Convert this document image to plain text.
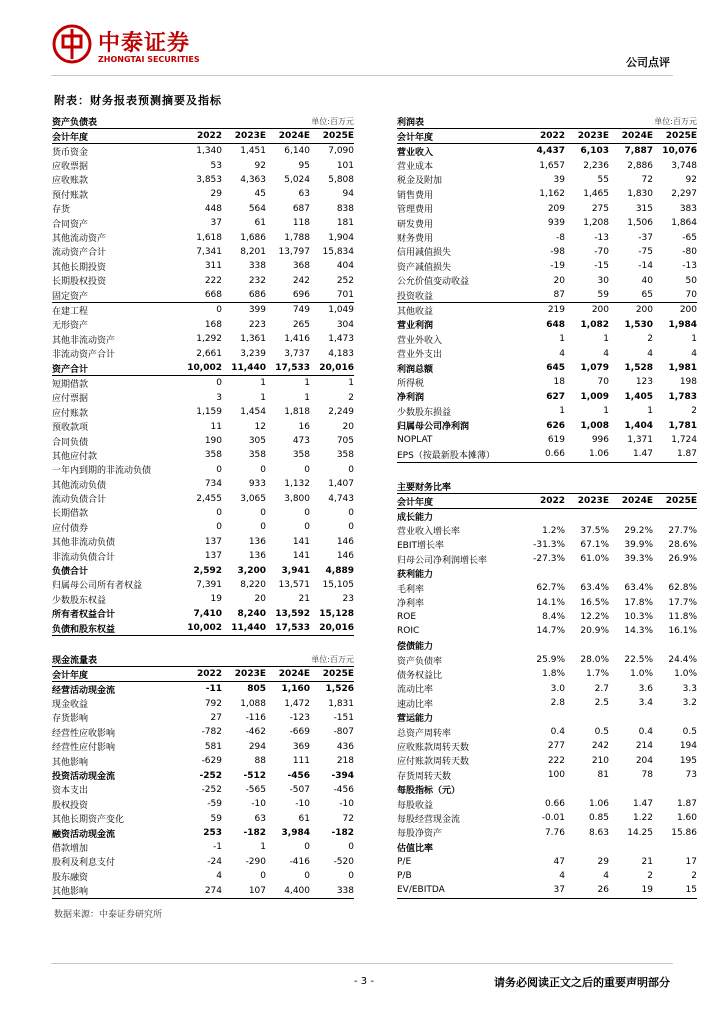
中泰证券
ZHONGTAI SECURITIES	公司点评
附表：财务报表预测摘要及指标
资产负债表	单位:百万元
会计年度	2022	2023E	2024E	2025E
货币资金	1,340	1,451	6,140	7,090
应收票据	53	92	95	101
应收账款	3,853	4,363	5,024	5,808
预付账款	29	45	63	94
存货	448	564	687	838
合同资产	37	61	118	181
其他流动资产	1,618	1,686	1,788	1,904
流动资产合计	7,341	8,201	13,797	15,834
其他长期投资	311	338	368	404
长期股权投资	222	232	242	252
固定资产	668	686	696	701
在建工程	0	399	749	1,049
无形资产	168	223	265	304
其他非流动资产	1,292	1,361	1,416	1,473
非流动资产合计	2,661	3,239	3,737	4,183
资产合计	10,002	11,440	17,533	20,016
短期借款	0	1	1	1
应付票据	3	1	1	2
应付账款	1,159	1,454	1,818	2,249
预收款项	11	12	16	20
合同负债	190	305	473	705
其他应付款	358	358	358	358
一年内到期的非流动负债	0	0	0	0
其他流动负债	734	933	1,132	1,407
流动负债合计	2,455	3,065	3,800	4,743
长期借款	0	0	0	0
应付债券	0	0	0	0
其他非流动负债	137	136	141	146
非流动负债合计	137	136	141	146
负债合计	2,592	3,200	3,941	4,889
归属母公司所有者权益	7,391	8,220	13,571	15,105
少数股东权益	19	20	21	23
所有者权益合计	7,410	8,240	13,592	15,128
负债和股东权益	10,002	11,440	17,533	20,016
利润表	单位:百万元
会计年度	2022	2023E	2024E	2025E
营业收入	4,437	6,103	7,887	10,076
营业成本	1,657	2,236	2,886	3,748
税金及附加	39	55	72	92
销售费用	1,162	1,465	1,830	2,297
管理费用	209	275	315	383
研发费用	939	1,208	1,506	1,864
财务费用	-8	-13	-37	-65
信用减值损失	-98	-70	-75	-80
资产减值损失	-19	-15	-14	-13
公允价值变动收益	20	30	40	50
投资收益	87	59	65	70
其他收益	219	200	200	200
营业利润	648	1,082	1,530	1,984
营业外收入	1	1	2	1
营业外支出	4	4	4	4
利润总额	645	1,079	1,528	1,981
所得税	18	70	123	198
净利润	627	1,009	1,405	1,783
少数股东损益	1	1	1	2
归属母公司净利润	626	1,008	1,404	1,781
NOPLAT	619	996	1,371	1,724
EPS（按最新股本摊薄）	0.66	1.06	1.47	1.87
主要财务比率
会计年度	2022	2023E	2024E	2025E
成长能力
营业收入增长率	1.2%	37.5%	29.2%	27.7%
EBIT增长率	-31.3%	67.1%	39.9%	28.6%
归母公司净利润增长率	-27.3%	61.0%	39.3%	26.9%
获利能力
毛利率	62.7%	63.4%	63.4%	62.8%
净利率	14.1%	16.5%	17.8%	17.7%
ROE	8.4%	12.2%	10.3%	11.8%
ROIC	14.7%	20.9%	14.3%	16.1%
偿债能力
资产负债率	25.9%	28.0%	22.5%	24.4%
债务权益比	1.8%	1.7%	1.0%	1.0%
流动比率	3.0	2.7	3.6	3.3
速动比率	2.8	2.5	3.4	3.2
营运能力
总资产周转率	0.4	0.5	0.4	0.5
应收账款周转天数	277	242	214	194
应付账款周转天数	222	210	204	195
存货周转天数	100	81	78	73
每股指标（元）
每股收益	0.66	1.06	1.47	1.87
每股经营现金流	-0.01	0.85	1.22	1.60
每股净资产	7.76	8.63	14.25	15.86
估值比率
P/E	47	29	21	17
P/B	4	4	2	2
EV/EBITDA	37	26	19	15
现金流量表	单位:百万元
会计年度	2022	2023E	2024E	2025E
经营活动现金流	-11	805	1,160	1,526
现金收益	792	1,088	1,472	1,831
存货影响	27	-116	-123	-151
经营性应收影响	-782	-462	-669	-807
经营性应付影响	581	294	369	436
其他影响	-629	88	111	218
投资活动现金流	-252	-512	-456	-394
资本支出	-252	-565	-507	-456
股权投资	-59	-10	-10	-10
其他长期资产变化	59	63	61	72
融资活动现金流	253	-182	3,984	-182
借款增加	-1	1	0	0
股利及利息支付	-24	-290	-416	-520
股东融资	4	0	0	0
其他影响	274	107	4,400	338
数据来源：中泰证券研究所
- 3 -	请务必阅读正文之后的重要声明部分
